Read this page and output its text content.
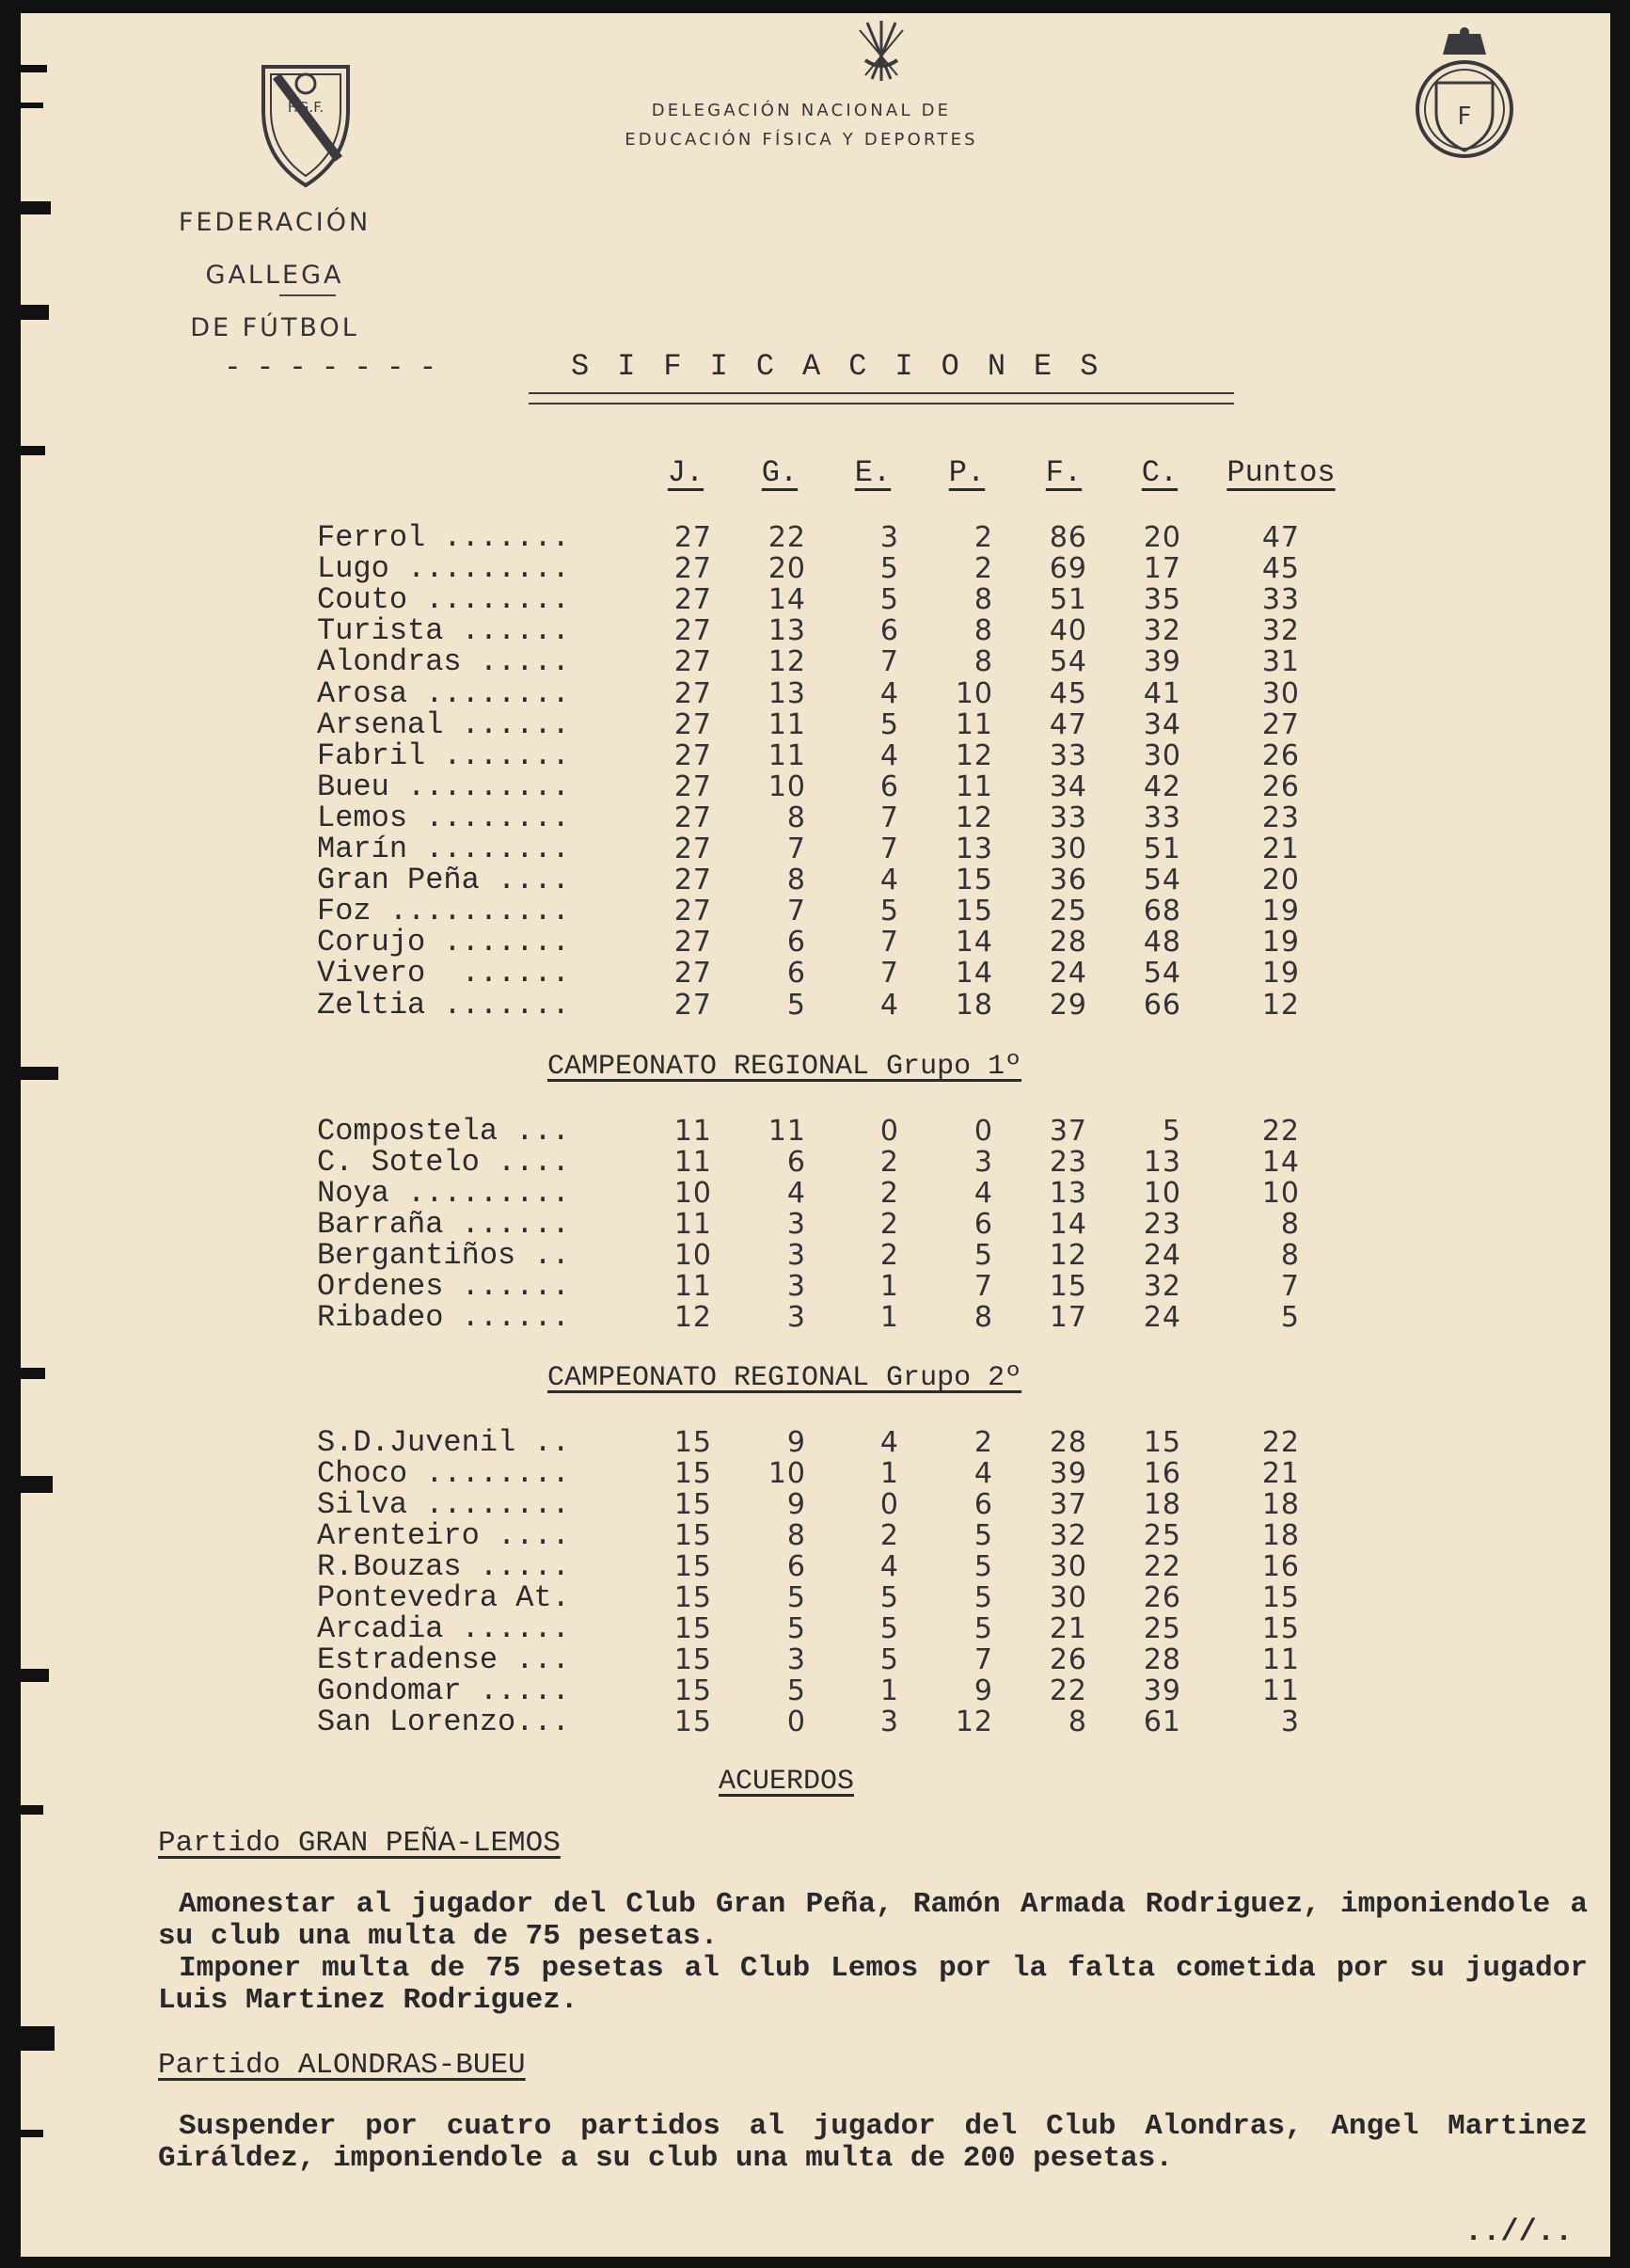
F.G.F.	F
FEDERACIÓN GALLEGA
DE FÚTBOL
DELEGACIÓN NACIONAL DE
EDUCACIÓN FÍSICA Y DEPORTES
-------	SIFICACIONES
J.	G.	E.	P.	F.	C.	Puntos
Ferrol .......	27 22	3	2 86 20	47
Lugo .........	27 20	5	2 69 17	45
Couto ........	27 14	5	8 51 35	33
Turista ......	27 13	6	8 40 32	32
Alondras .....	27 12	7	8 54 39	31
Arosa ........	27 13	4 10 45 41	30
Arsenal ......	27 11	5 11 47 34	27
Fabril .......	27 11	4 12 33 30	26
Bueu .........	27 10	6 11 34 42	26
Lemos ........	27	8	7 12 33 33	23
Marín ........	27	7	7 13 30 51	21
Gran Peña ....	27	8	4 15 36 54	20
Foz ..........	27	7	5 15 25 68	19
Corujo .......	27	6	7 14 28 48	19
Vivero  ......	27	6	7 14 24 54	19
Zeltia .......	27	5	4 18 29 66	12
CAMPEONATO REGIONAL Grupo 1º
Compostela ...	11 11	0	0 37	5	22
C. Sotelo ....	11	6	2	3 23 13	14
Noya .........	10	4	2	4 13 10	10
Barraña ......	11	3	2	6 14 23	8
Bergantiños ..	10	3	2	5 12 24	8
Ordenes ......	11	3	1	7 15 32	7
Ribadeo ......	12	3	1	8 17 24	5
CAMPEONATO REGIONAL Grupo 2º
S.D.Juvenil ..	15	9	4	2 28 15	22
Choco ........	15 10	1	4 39 16	21
Silva ........	15	9	0	6 37 18	18
Arenteiro ....	15	8	2	5 32 25	18
R.Bouzas .....	15	6	4	5 30 22	16
Pontevedra At.	15	5	5	5 30 26	15
Arcadia ......	15	5	5	5 21 25	15
Estradense ...	15	3	5	7 26 28	11
Gondomar .....	15	5	1	9 22 39	11
San Lorenzo...	15	0	3 12	8 61	3
ACUERDOS
Partido GRAN PEÑA-LEMOS
Amonestar al jugador del Club Gran Peña, Ramón Armada Rodriguez, imponiendole a su club una multa de 75 pesetas.
Imponer multa de 75 pesetas al Club Lemos por la falta cometida por su jugador Luis Martinez Rodriguez.
Partido ALONDRAS-BUEU
Suspender por cuatro partidos al jugador del Club Alondras, Angel Martinez Giráldez, imponiendole a su club una multa de 200 pesetas.
..//..
